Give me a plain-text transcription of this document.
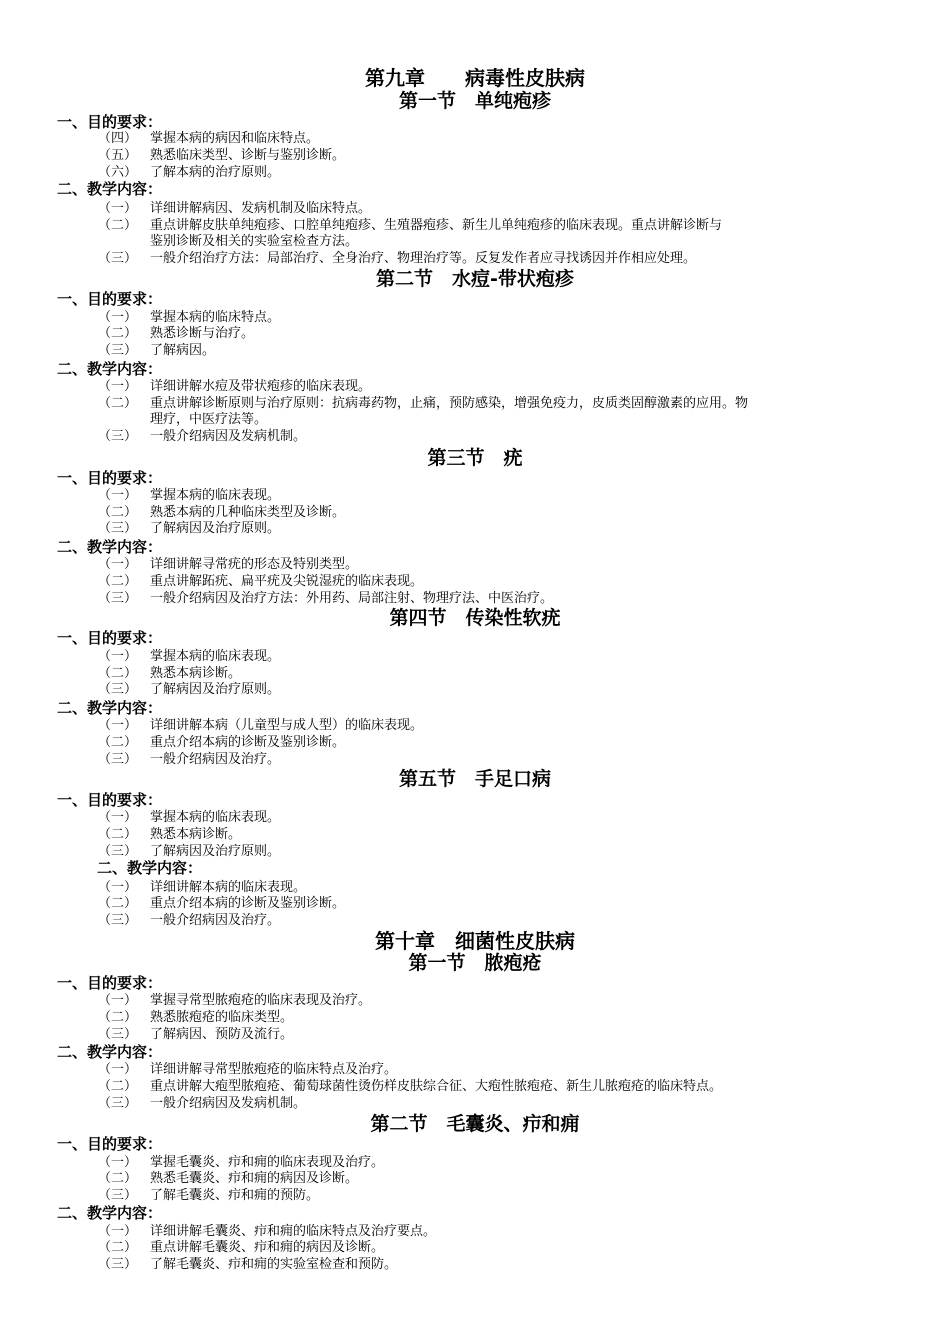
第九章　　病毒性皮肤病
第一节　单纯疱疹
一、目的要求：
（四） 掌握本病的病因和临床特点。
（五） 熟悉临床类型、诊断与鉴别诊断。
（六） 了解本病的治疗原则。
二、教学内容：
（一） 详细讲解病因、发病机制及临床特点。
（二） 重点讲解皮肤单纯疱疹、口腔单纯疱疹、生殖器疱疹、新生儿单纯疱疹的临床表现。重点讲解诊断与
鉴别诊断及相关的实验室检查方法。
（三） 一般介绍治疗方法：局部治疗、全身治疗、物理治疗等。反复发作者应寻找诱因并作相应处理。
第二节　水痘-带状疱疹
一、目的要求：
（一） 掌握本病的临床特点。
（二） 熟悉诊断与治疗。
（三） 了解病因。
二、教学内容：
（一） 详细讲解水痘及带状疱疹的临床表现。
（二） 重点讲解诊断原则与治疗原则：抗病毒药物，止痛，预防感染，增强免疫力，皮质类固醇激素的应用。物
理疗，中医疗法等。
（三） 一般介绍病因及发病机制。
第三节　疣
一、目的要求：
（一） 掌握本病的临床表现。
（二） 熟悉本病的几种临床类型及诊断。
（三） 了解病因及治疗原则。
二、教学内容：
（一） 详细讲解寻常疣的形态及特别类型。
（二） 重点讲解跖疣、扁平疣及尖锐湿疣的临床表现。
（三） 一般介绍病因及治疗方法：外用药、局部注射、物理疗法、中医治疗。
第四节　传染性软疣
一、目的要求：
（一） 掌握本病的临床表现。
（二） 熟悉本病诊断。
（三） 了解病因及治疗原则。
二、教学内容：
（一） 详细讲解本病（儿童型与成人型）的临床表现。
（二） 重点介绍本病的诊断及鉴别诊断。
（三） 一般介绍病因及治疗。
第五节　手足口病
一、目的要求：
（一） 掌握本病的临床表现。
（二） 熟悉本病诊断。
（三） 了解病因及治疗原则。
二、教学内容：
（一） 详细讲解本病的临床表现。
（二） 重点介绍本病的诊断及鉴别诊断。
（三） 一般介绍病因及治疗。
第十章　细菌性皮肤病
第一节　脓疱疮
一、目的要求：
（一） 掌握寻常型脓疱疮的临床表现及治疗。
（二） 熟悉脓疱疮的临床类型。
（三） 了解病因、预防及流行。
二、教学内容：
（一） 详细讲解寻常型脓疱疮的临床特点及治疗。
（二） 重点讲解大疱型脓疱疮、葡萄球菌性烫伤样皮肤综合征、大疱性脓疱疮、新生儿脓疱疮的临床特点。
（三） 一般介绍病因及发病机制。
第二节　毛囊炎、疖和痈
一、目的要求：
（一） 掌握毛囊炎、疖和痈的临床表现及治疗。
（二） 熟悉毛囊炎、疖和痈的病因及诊断。
（三） 了解毛囊炎、疖和痈的预防。
二、教学内容：
（一） 详细讲解毛囊炎、疖和痈的临床特点及治疗要点。
（二） 重点讲解毛囊炎、疖和痈的病因及诊断。
（三） 了解毛囊炎、疖和痈的实验室检查和预防。
